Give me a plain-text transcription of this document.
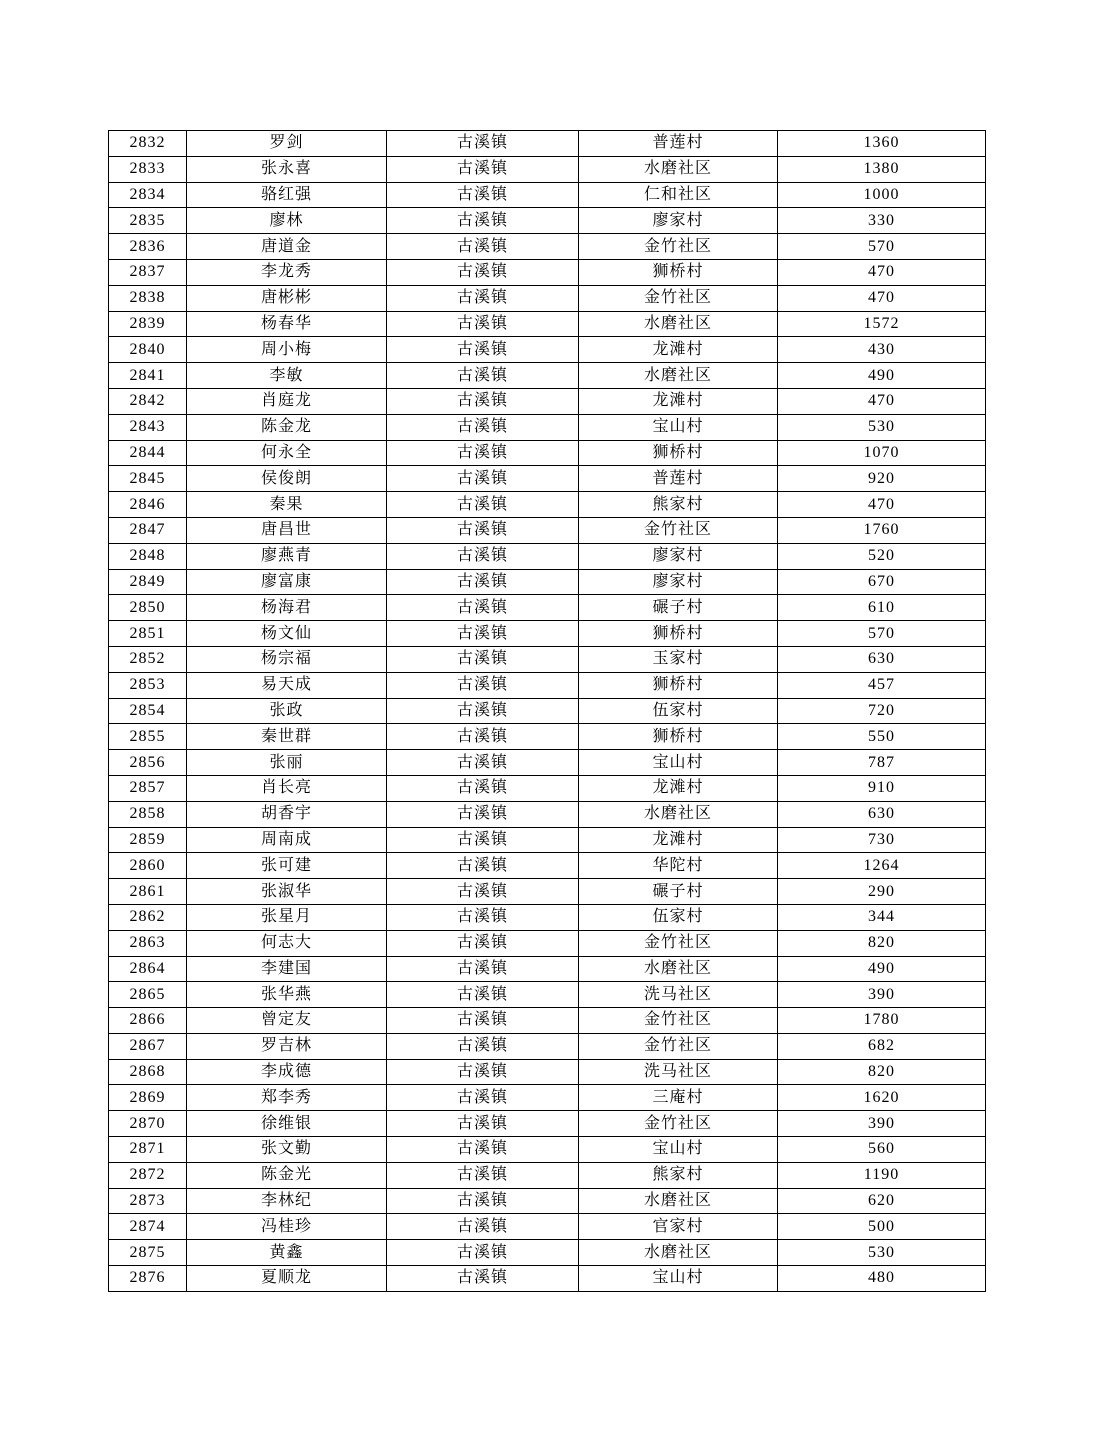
2832	罗剑	古溪镇	普莲村	1360
2833	张永喜	古溪镇	水磨社区	1380
2834	骆红强	古溪镇	仁和社区	1000
2835	廖林	古溪镇	廖家村	330
2836	唐道金	古溪镇	金竹社区	570
2837	李龙秀	古溪镇	狮桥村	470
2838	唐彬彬	古溪镇	金竹社区	470
2839	杨春华	古溪镇	水磨社区	1572
2840	周小梅	古溪镇	龙滩村	430
2841	李敏	古溪镇	水磨社区	490
2842	肖庭龙	古溪镇	龙滩村	470
2843	陈金龙	古溪镇	宝山村	530
2844	何永全	古溪镇	狮桥村	1070
2845	侯俊朗	古溪镇	普莲村	920
2846	秦果	古溪镇	熊家村	470
2847	唐昌世	古溪镇	金竹社区	1760
2848	廖燕青	古溪镇	廖家村	520
2849	廖富康	古溪镇	廖家村	670
2850	杨海君	古溪镇	碾子村	610
2851	杨文仙	古溪镇	狮桥村	570
2852	杨宗福	古溪镇	玉家村	630
2853	易天成	古溪镇	狮桥村	457
2854	张政	古溪镇	伍家村	720
2855	秦世群	古溪镇	狮桥村	550
2856	张丽	古溪镇	宝山村	787
2857	肖长亮	古溪镇	龙滩村	910
2858	胡香宇	古溪镇	水磨社区	630
2859	周南成	古溪镇	龙滩村	730
2860	张可建	古溪镇	华陀村	1264
2861	张淑华	古溪镇	碾子村	290
2862	张星月	古溪镇	伍家村	344
2863	何志大	古溪镇	金竹社区	820
2864	李建国	古溪镇	水磨社区	490
2865	张华燕	古溪镇	洗马社区	390
2866	曾定友	古溪镇	金竹社区	1780
2867	罗吉林	古溪镇	金竹社区	682
2868	李成德	古溪镇	洗马社区	820
2869	郑李秀	古溪镇	三庵村	1620
2870	徐维银	古溪镇	金竹社区	390
2871	张文勤	古溪镇	宝山村	560
2872	陈金光	古溪镇	熊家村	1190
2873	李林纪	古溪镇	水磨社区	620
2874	冯桂珍	古溪镇	官家村	500
2875	黄鑫	古溪镇	水磨社区	530
2876	夏顺龙	古溪镇	宝山村	480
